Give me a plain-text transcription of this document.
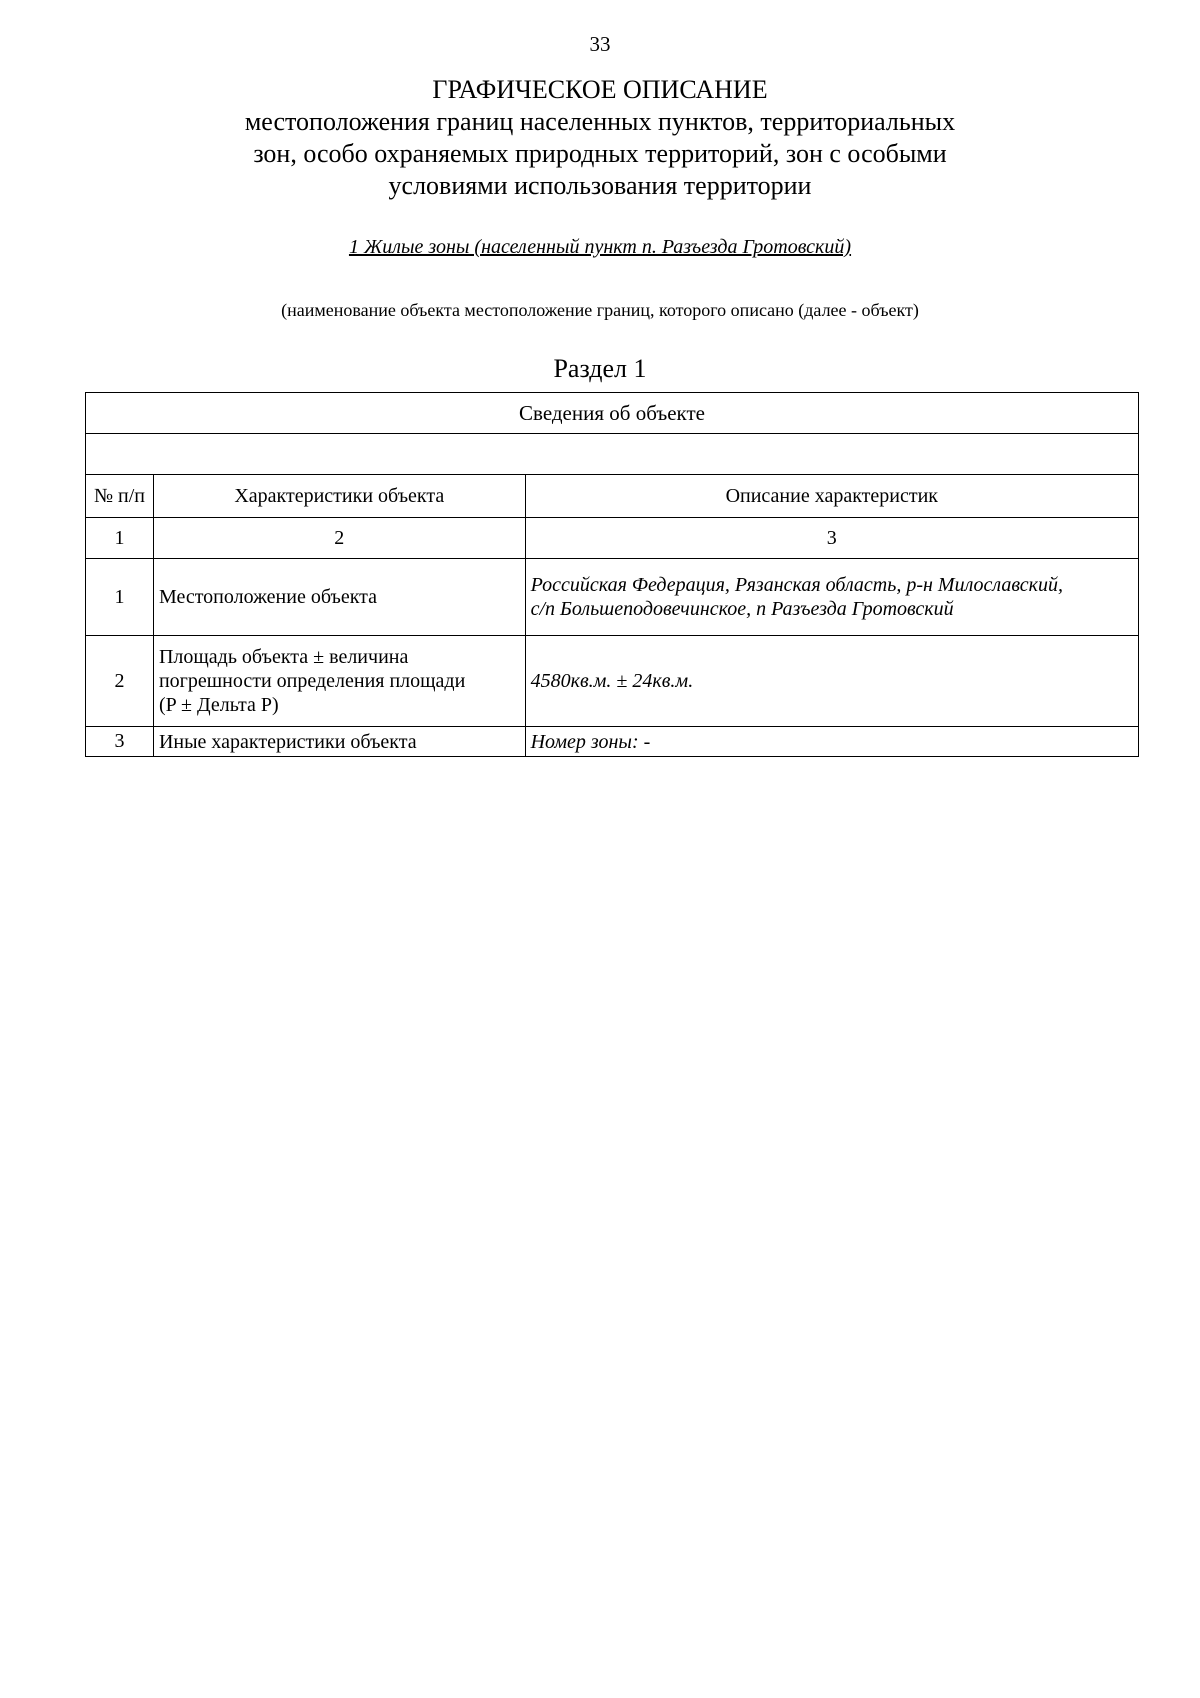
33
ГРАФИЧЕСКОЕ ОПИСАНИЕ
местоположения границ населенных пунктов, территориальных
зон, особо охраняемых природных территорий, зон с особыми
условиями использования территории
1 Жилые зоны (населенный пункт п. Разъезда Гротовский)
(наименование объекта местоположение границ, которого описано (далее - объект)
Раздел 1
Сведения об объекте		

№ п/п	Характеристики объекта	Описание характеристик
1	2	3
1	Местоположение объекта	Российская Федерация, Рязанская область, р-н Милославский,
с/п Большеподовечинское, п Разъезда Гротовский

2	Площадь объекта ± величина
погрешности определения площади
(P ± Дельта P)	4580кв.м. ± 24кв.м.

3	Иные характеристики объекта	Номер зоны: -
